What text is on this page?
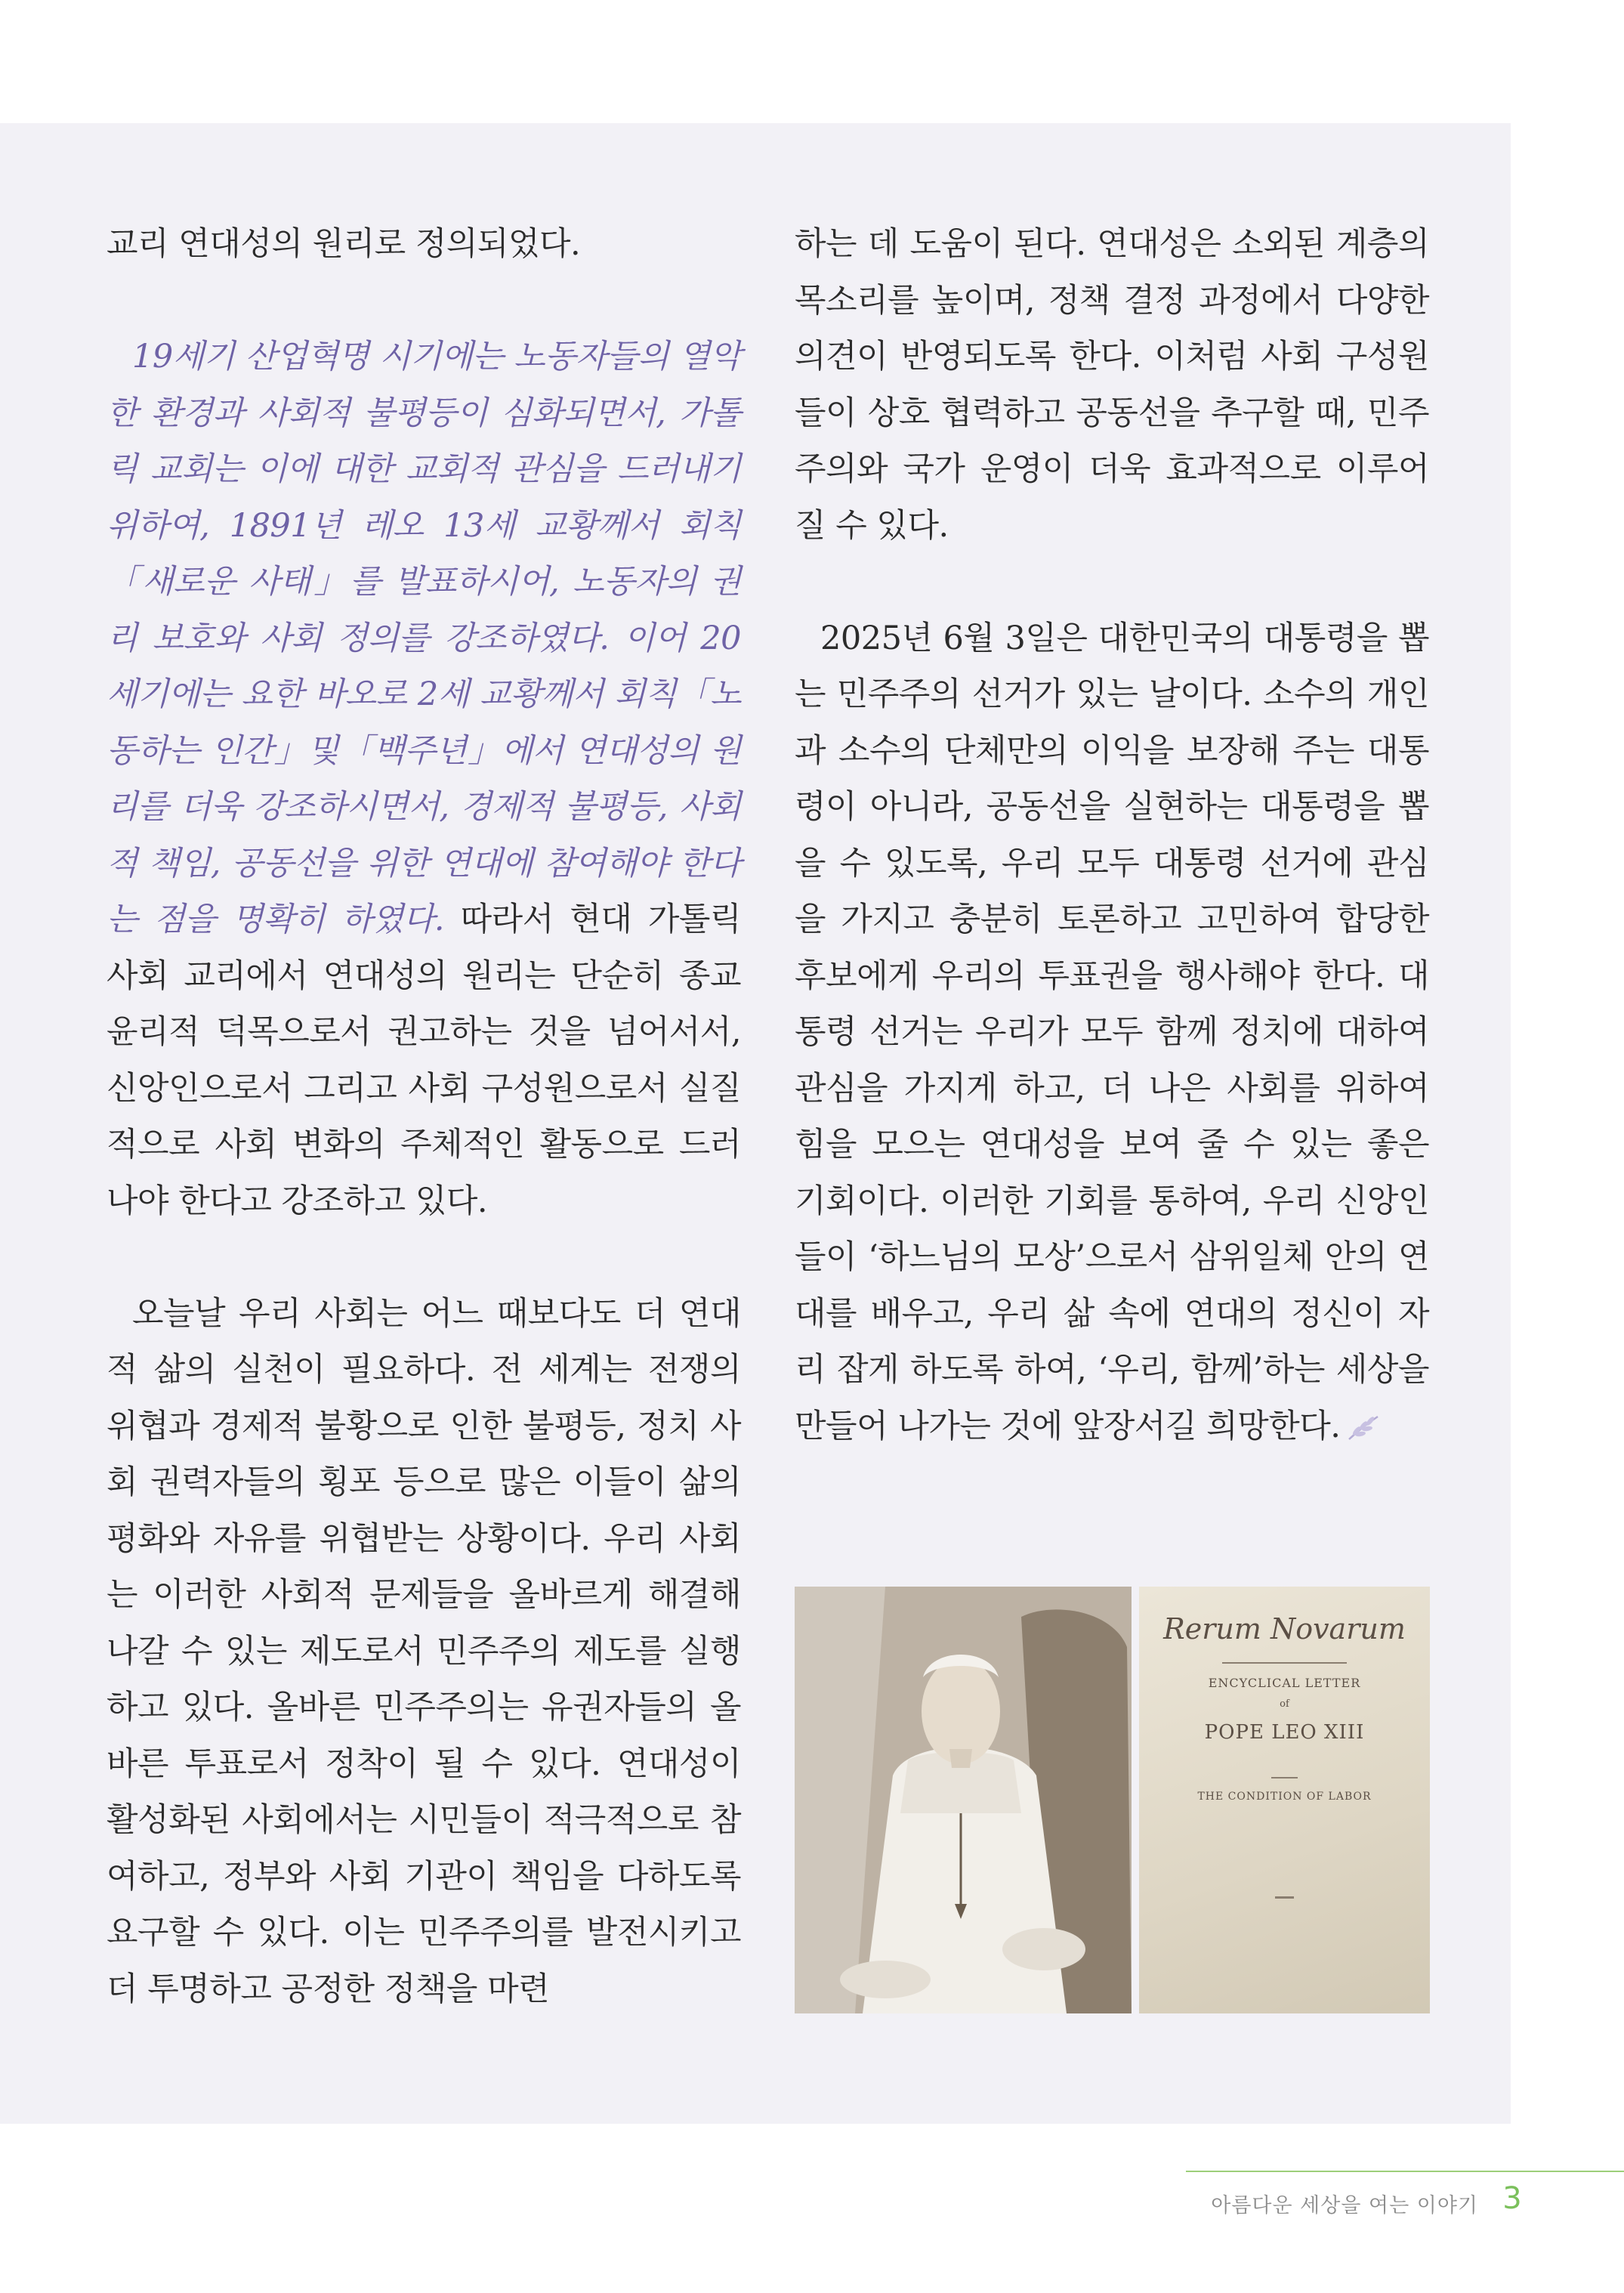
교리 연대성의 원리로 정의되었다.

19세기 산업혁명 시기에는 노동자들의 열악한 환경과 사회적 불평등이 심화되면서, 가톨릭 교회는 이에 대한 교회적 관심을 드러내기 위하여, 1891년 레오 13세 교황께서 회칙「새로운 사태」를 발표하시어, 노동자의 권리 보호와 사회 정의를 강조하였다. 이어 20세기에는 요한 바오로 2세 교황께서 회칙「노동하는 인간」및「백주년」에서 연대성의 원리를 더욱 강조하시면서, 경제적 불평등, 사회적 책임, 공동선을 위한 연대에 참여해야 한다는 점을 명확히 하였다. 따라서 현대 가톨릭 사회 교리에서 연대성의 원리는 단순히 종교 윤리적 덕목으로서 권고하는 것을 넘어서서, 신앙인으로서 그리고 사회 구성원으로서 실질적으로 사회 변화의 주체적인 활동으로 드러나야 한다고 강조하고 있다.

오늘날 우리 사회는 어느 때보다도 더 연대적 삶의 실천이 필요하다. 전 세계는 전쟁의 위협과 경제적 불황으로 인한 불평등, 정치 사회 권력자들의 횡포 등으로 많은 이들이 삶의 평화와 자유를 위협받는 상황이다. 우리 사회는 이러한 사회적 문제들을 올바르게 해결해 나갈 수 있는 제도로서 민주주의 제도를 실행하고 있다. 올바른 민주주의는 유권자들의 올바른 투표로서 정착이 될 수 있다. 연대성이 활성화된 사회에서는 시민들이 적극적으로 참여하고, 정부와 사회 기관이 책임을 다하도록 요구할 수 있다. 이는 민주주의를 발전시키고 더 투명하고 공정한 정책을 마련

하는 데 도움이 된다. 연대성은 소외된 계층의 목소리를 높이며, 정책 결정 과정에서 다양한 의견이 반영되도록 한다. 이처럼 사회 구성원들이 상호 협력하고 공동선을 추구할 때, 민주주의와 국가 운영이 더욱 효과적으로 이루어질 수 있다.

2025년 6월 3일은 대한민국의 대통령을 뽑는 민주주의 선거가 있는 날이다. 소수의 개인과 소수의 단체만의 이익을 보장해 주는 대통령이 아니라, 공동선을 실현하는 대통령을 뽑을 수 있도록, 우리 모두 대통령 선거에 관심을 가지고 충분히 토론하고 고민하여 합당한 후보에게 우리의 투표권을 행사해야 한다. 대통령 선거는 우리가 모두 함께 정치에 대하여 관심을 가지게 하고, 더 나은 사회를 위하여 힘을 모으는 연대성을 보여 줄 수 있는 좋은 기회이다. 이러한 기회를 통하여, 우리 신앙인들이 ‘하느님의 모상’으로서 삼위일체 안의 연대를 배우고, 우리 삶 속에 연대의 정신이 자리 잡게 하도록 하여, ‘우리, 함께’하는 세상을 만들어 나가는 것에 앞장서길 희망한다.

Rerum Novarum
ENCYCLICAL LETTER
of
POPE LEO XIII
THE CONDITION OF LABOR
아름다운 세상을 여는 이야기 3
